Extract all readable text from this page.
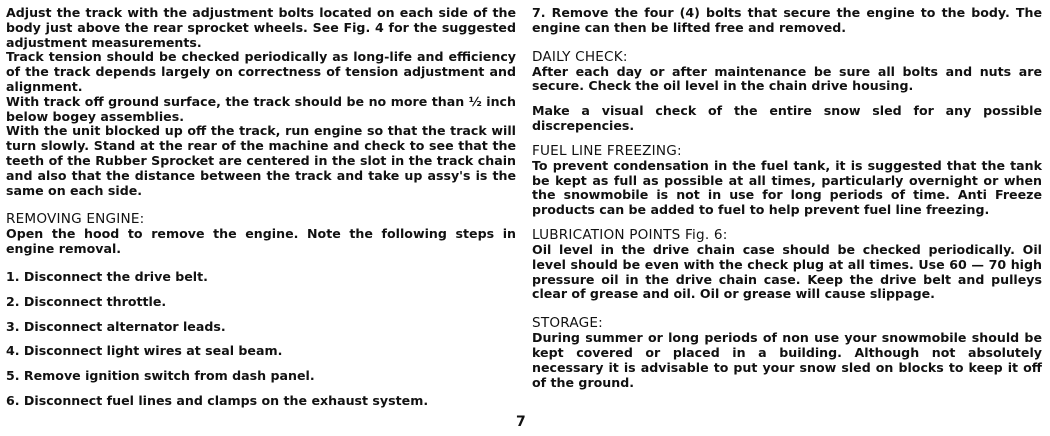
Adjust the track with the adjustment bolts located on each side of the body just above the rear sprocket wheels. See Fig. 4 for the suggested adjustment measurements.

Track tension should be checked periodically as long-life and efficiency of the track depends largely on correctness of tension adjustment and alignment.

With track off ground surface, the track should be no more than ½ inch below bogey assemblies.

With the unit blocked up off the track, run engine so that the track will turn slowly. Stand at the rear of the machine and check to see that the teeth of the Rubber Sprocket are centered in the slot in the track chain and also that the distance between the track and take up assy's is the same on each side.

REMOVING ENGINE:

Open the hood to remove the engine. Note the following steps in engine removal.

1. Disconnect the drive belt.
2. Disconnect throttle.
3. Disconnect alternator leads.
4. Disconnect light wires at seal beam.
5. Remove ignition switch from dash panel.
6. Disconnect fuel lines and clamps on the exhaust system.

7. Remove the four (4) bolts that secure the engine to the body. The engine can then be lifted free and removed.

DAILY CHECK:

After each day or after maintenance be sure all bolts and nuts are secure. Check the oil level in the chain drive housing.

Make a visual check of the entire snow sled for any possible discrepencies.

FUEL LINE FREEZING:

To prevent condensation in the fuel tank, it is suggested that the tank be kept as full as possible at all times, particularly overnight or when the snowmobile is not in use for long periods of time. Anti Freeze products can be added to fuel to help prevent fuel line freezing.

LUBRICATION POINTS Fig. 6:

Oil level in the drive chain case should be checked periodically. Oil level should be even with the check plug at all times. Use 60 — 70 high pressure oil in the drive chain case. Keep the drive belt and pulleys clear of grease and oil. Oil or grease will cause slippage.

STORAGE:

During summer or long periods of non use your snowmobile should be kept covered or placed in a building. Although not absolutely necessary it is advisable to put your snow sled on blocks to keep it off of the ground.

7
